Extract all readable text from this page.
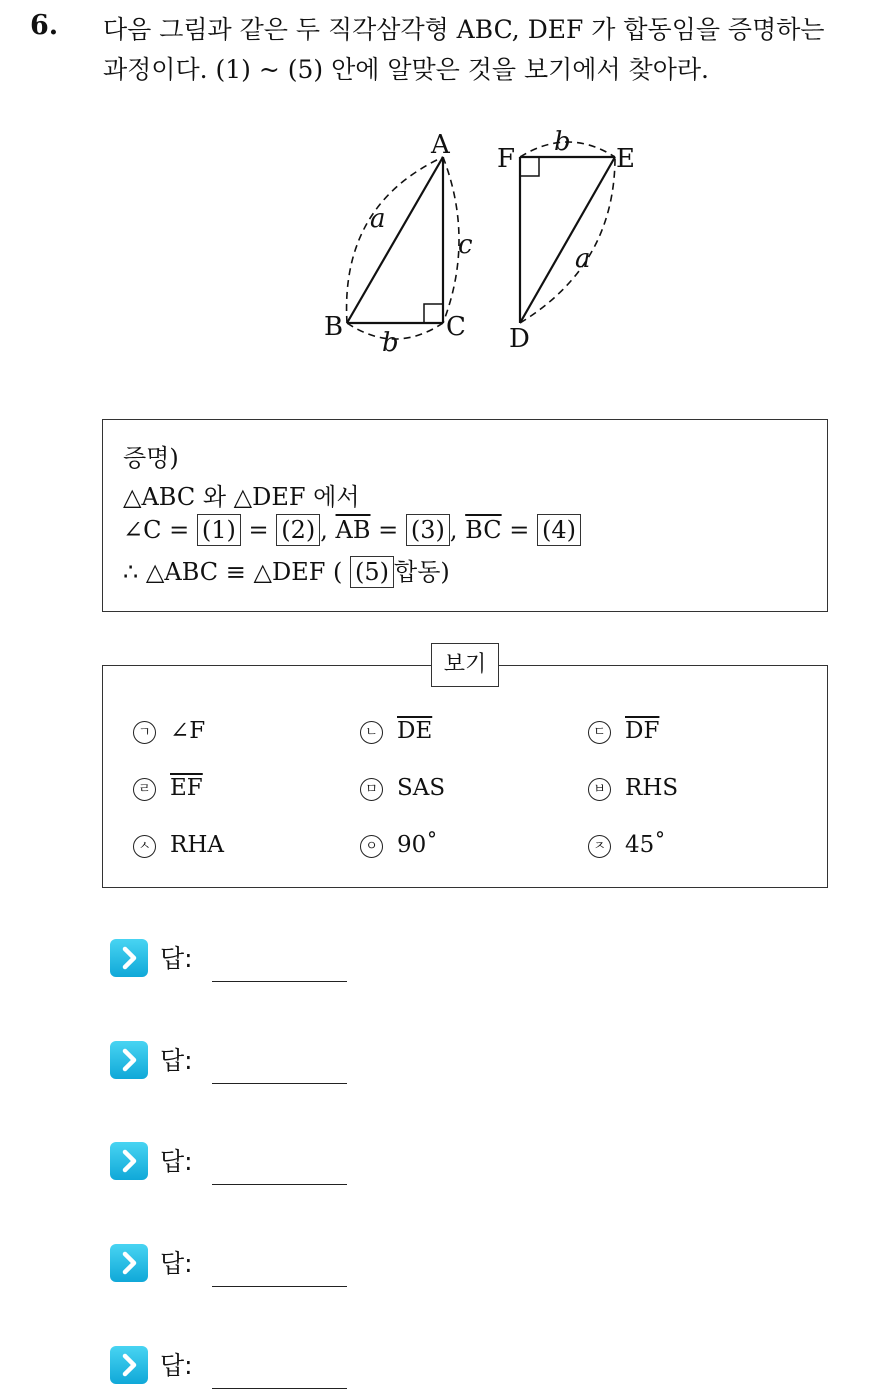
6. 다음 그림과 같은 두 직각삼각형 ABC, DEF 가 합동임을 증명하는
과정이다. (1) ~ (5) 안에 알맞은 것을 보기에서 찾아라.
A
B	C
F	E
D
a
c
b
a
b
증명)
△ABC 와 △DEF 에서
∠C = (1) = (2) , $\overline{AB} = (3)$ , $\overline{BC} = (4)$
∴ △ABC ≡ △DEF ( (5) 합동)
ㄱ ∠F	ㄴ $\overline{DE}$	ㄷ $\overline{DF}$
ㄹ $\overline{EF}$	ㅁ SAS	ㅂ RHS
ㅅ RHA	ㅇ 90˚	ㅈ 45˚
보기
답:
답:
답:
답:
답:
